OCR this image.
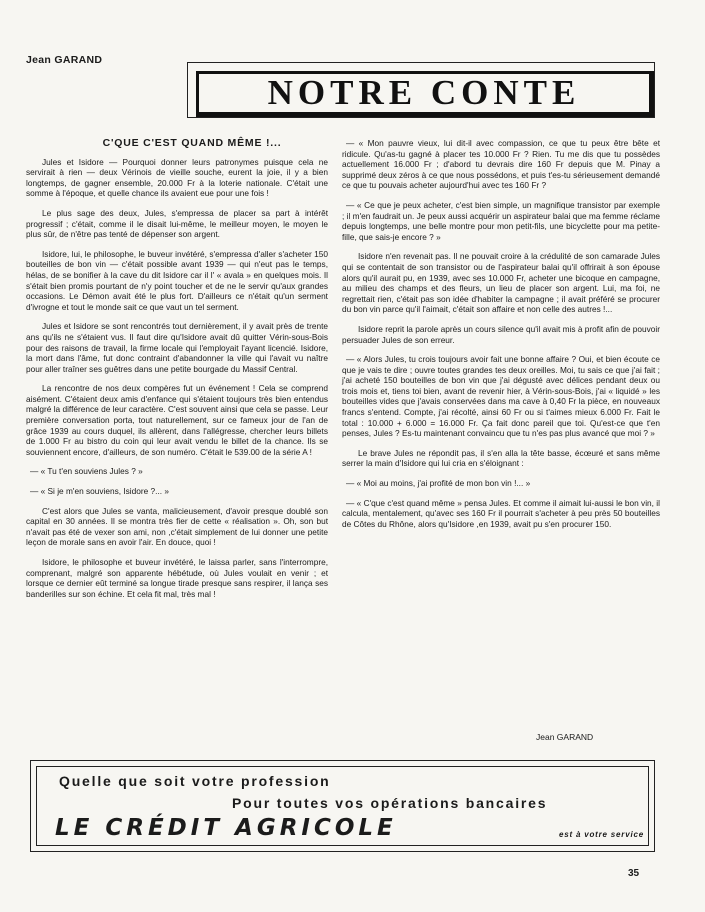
Jean GARAND
NOTRE CONTE
C'QUE C'EST QUAND MÊME !...

Jules et Isidore — Pourquoi donner leurs patronymes puisque cela ne servirait à rien — deux Vérinois de vieille souche, eurent la joie, il y a bien longtemps, de gagner ensemble, 20.000 Fr à la loterie nationale. C'était une somme à l'époque, et quelle chance ils avaient eue pour une fois !

Le plus sage des deux, Jules, s'empressa de placer sa part à intérêt progressif ; c'était, comme il le disait lui-même, le meilleur moyen, le moyen le plus sûr, de n'être pas tenté de dépenser son argent.

Isidore, lui, le philosophe, le buveur invétéré, s'empressa d'aller s'acheter 150 bouteilles de bon vin — c'était possible avant 1939 — qui n'eut pas le temps, hélas, de se bonifier à la cave du dit Isidore car il l' « avala » en quelques mois. Il s'était bien promis pourtant de n'y point toucher et de ne le servir qu'aux grandes occasions. Le Démon avait été le plus fort. D'ailleurs ce n'était qu'un serment d'ivrogne et tout le monde sait ce que vaut un tel serment.

Jules et Isidore se sont rencontrés tout dernièrement, il y avait près de trente ans qu'ils ne s'étaient vus. Il faut dire qu'Isidore avait dû quitter Vérin-sous-Bois pour des raisons de travail, la firme locale qui l'employait l'ayant licencié. Isidore, la mort dans l'âme, fut donc contraint d'abandonner la ville qui l'avait vu naître pour aller traîner ses guêtres dans une petite bourgade du Massif Central.

La rencontre de nos deux compères fut un événement ! Cela se comprend aisément. C'étaient deux amis d'enfance qui s'étaient toujours très bien entendus malgré la différence de leur caractère. C'est souvent ainsi que cela se passe. Leur première conversation porta, tout naturellement, sur ce fameux jour de l'an de grâce 1939 au cours duquel, ils allèrent, dans l'allégresse, chercher leurs billets de 1.000 Fr au bistro du coin qui leur avait vendu le billet de la chance. Ils se souviennent encore, d'ailleurs, de son numéro. C'était le 539.00 de la série A !

— « Tu t'en souviens Jules ? »

— « Si je m'en souviens, Isidore ?... »

C'est alors que Jules se vanta, malicieusement, d'avoir presque doublé son capital en 30 années. Il se montra très fier de cette « réalisation ». Oh, son but n'avait pas été de vexer son ami, non ,c'était simplement de lui donner une petite leçon de morale sans en avoir l'air. En douce, quoi !

Isidore, le philosophe et buveur invétéré, le laissa parler, sans l'interrompre, comprenant, malgré son apparente hébétude, où Jules voulait en venir ; et lorsque ce dernier eût terminé sa longue tirade presque sans respirer, il lança ses banderilles sur son échine. Et cela fit mal, très mal !

— « Mon pauvre vieux, lui dit-il avec compassion, ce que tu peux être bête et ridicule. Qu'as-tu gagné à placer tes 10.000 Fr ? Rien. Tu me dis que tu possèdes actuellement 16.000 Fr ; d'abord tu devrais dire 160 Fr depuis que M. Pinay a supprimé deux zéros à ce que nous possédons, et puis t'es-tu sérieusement demandé ce que tu pouvais acheter aujourd'hui avec tes 160 Fr ?

— « Ce que je peux acheter, c'est bien simple, un magnifique transistor par exemple ; il m'en faudrait un. Je peux aussi acquérir un aspirateur balai que ma femme réclame depuis longtemps, une belle montre pour mon petit-fils, une bicyclette pour ma petite-fille, que sais-je encore ? »

Isidore n'en revenait pas. Il ne pouvait croire à la crédulité de son camarade Jules qui se contentait de son transistor ou de l'aspirateur balai qu'il offrirait à son épouse alors qu'il aurait pu, en 1939, avec ses 10.000 Fr, acheter une bicoque en campagne, au milieu des champs et des fleurs, un lieu de placer son argent. Lui, ma foi, ne regrettait rien, c'était pas son idée d'habiter la campagne ; il avait préféré se procurer du bon vin parce qu'il l'aimait, c'était son affaire et non celle des autres !...

Isidore reprit la parole après un cours silence qu'il avait mis à profit afin de pouvoir persuader Jules de son erreur.

— « Alors Jules, tu crois toujours avoir fait une bonne affaire ? Oui, et bien écoute ce que je vais te dire ; ouvre toutes grandes tes deux oreilles. Moi, tu sais ce que j'ai fait ; j'ai acheté 150 bouteilles de bon vin que j'ai dégusté avec délices pendant deux ou trois mois et, tiens toi bien, avant de revenir hier, à Vérin-sous-Bois, j'ai « liquidé » les bouteilles vides que j'avais conservées dans ma cave à 0,40 Fr la pièce, en nouveaux francs s'entend. Compte, j'ai récolté, ainsi 60 Fr ou si t'aimes mieux 6.000 Fr. Fait le total : 10.000 + 6.000 = 16.000 Fr. Ça fait donc pareil que toi. Qu'est-ce que t'en penses, Jules ? Es-tu maintenant convaincu que tu n'es pas plus avancé que moi ? »

Le brave Jules ne répondit pas, il s'en alla la tête basse, écœuré et sans même serrer la main d'Isidore qui lui cria en s'éloignant :

— « Moi au moins, j'ai profité de mon bon vin !... »

— « C'que c'est quand même » pensa Jules. Et comme il aimait lui-aussi le bon vin, il calcula, mentalement, qu'avec ses 160 Fr il pourrait s'acheter à peu près 50 bouteilles de Côtes du Rhône, alors qu'Isidore ,en 1939, avait pu s'en procurer 150.

Jean GARAND
Quelle que soit votre profession
Pour toutes vos opérations bancaires
LE CRÉDIT AGRICOLE	est à votre service
35
